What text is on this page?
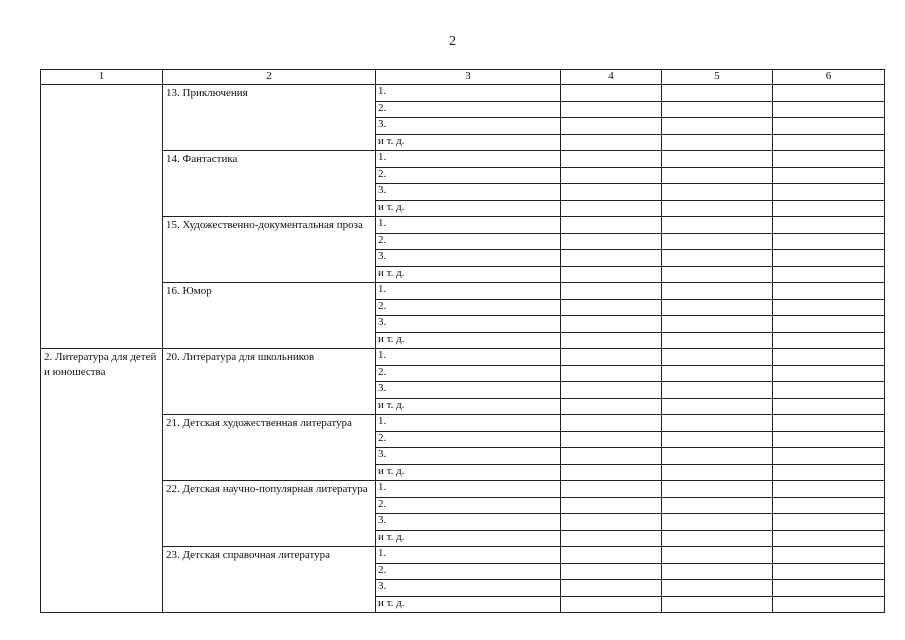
2
1	2	3	4	5	6
	13. Приключения	1.			
		2.			
		3.			
		и т. д.			
	14. Фантастика	1.			
		2.			
		3.			
		и т. д.			
	15. Художественно-документальная проза	1.			
		2.			
		3.			
		и т. д.			
	16. Юмор	1.			
		2.			
		3.			
		и т. д.			
2. Литература для детей и юношества	20. Литература для школьников	1.			
		2.			
		3.			
		и т. д.			
	21. Детская художественная литература	1.			
		2.			
		3.			
		и т. д.			
	22. Детская научно-популярная литература	1.			
		2.			
		3.			
		и т. д.			
	23. Детская справочная литература	1.			
		2.			
		3.			
		и т. д.			
